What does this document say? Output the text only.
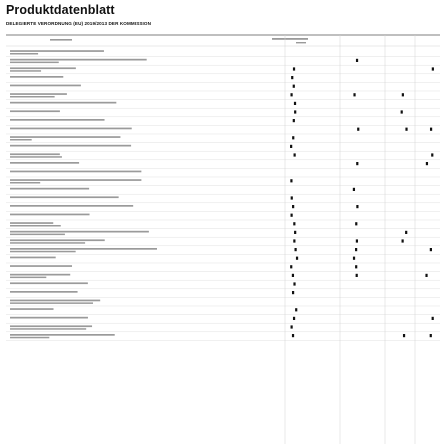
Produktdatenblatt
DELEGIERTE VERORDNUNG (EU) 2019/2013 DER KOMMISSION
